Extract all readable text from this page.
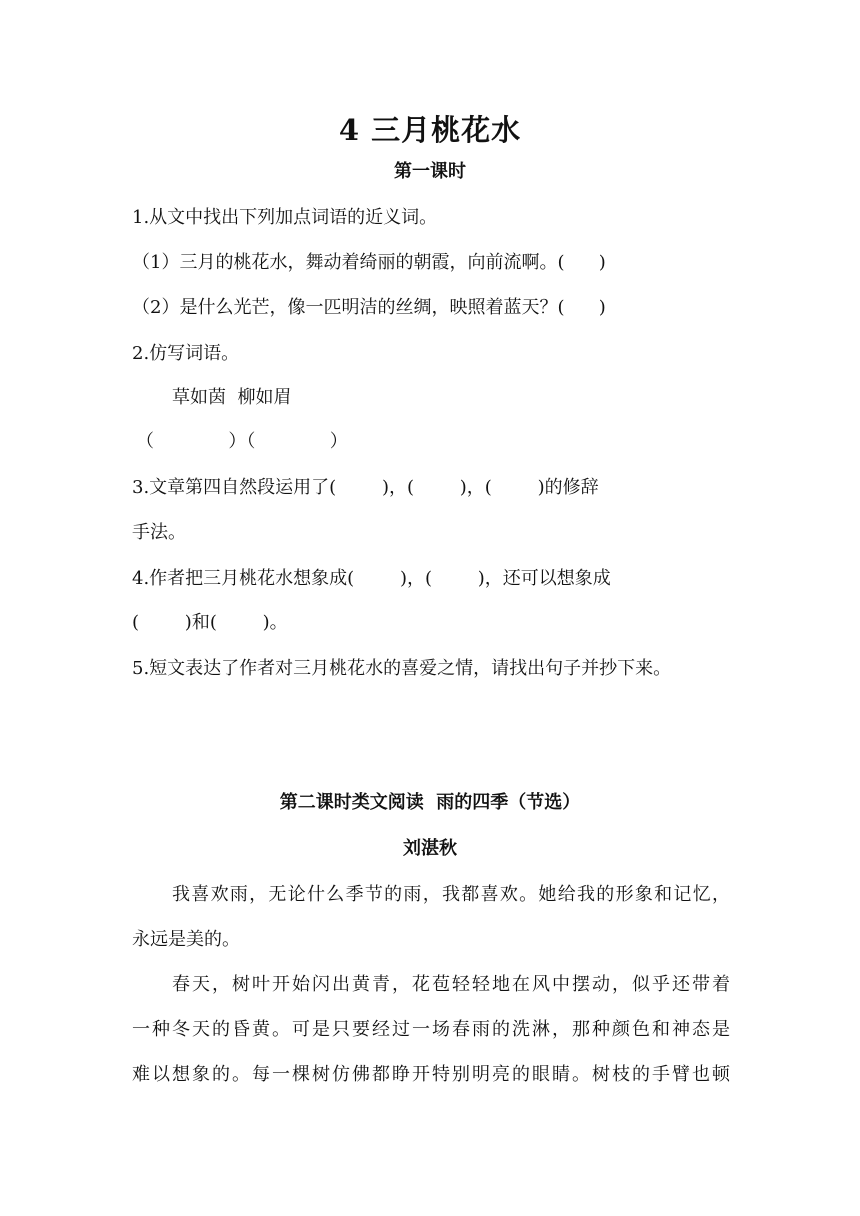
4 三月桃花水
第一课时
1.从文中找出下列加点词语的近义词。
（1）三月的桃花水，舞动着绮丽的朝霞，向前流啊。(      )
（2）是什么光芒，像一匹明洁的丝绸，映照着蓝天？(      )
2.仿写词语。
草如茵  柳如眉
（             ）（             ）
3.文章第四自然段运用了(        )，(        )，(        )的修辞
手法。
4.作者把三月桃花水想象成(        )，(        )，还可以想象成
(        )和(        )。
5.短文表达了作者对三月桃花水的喜爱之情，请找出句子并抄下来。
第二课时类文阅读  雨的四季（节选）
刘湛秋
我喜欢雨，无论什么季节的雨，我都喜欢。她给我的形象和记忆，
永远是美的。
春天，树叶开始闪出黄青，花苞轻轻地在风中摆动，似乎还带着
一种冬天的昏黄。可是只要经过一场春雨的洗淋，那种颜色和神态是
难以想象的。每一棵树仿佛都睁开特别明亮的眼睛。树枝的手臂也顿
